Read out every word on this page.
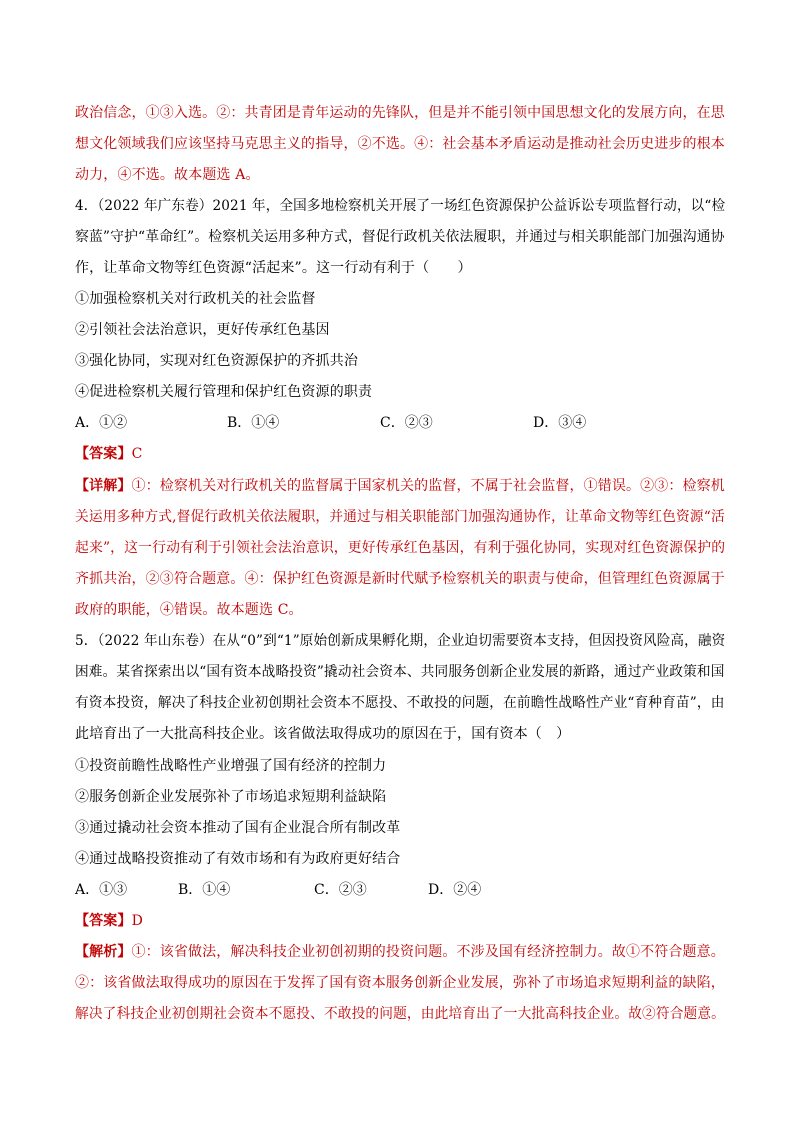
政治信念，①③入选。②：共青团是青年运动的先锋队，但是并不能引领中国思想文化的发展方向，在思
想文化领域我们应该坚持马克思主义的指导，②不选。④：社会基本矛盾运动是推动社会历史进步的根本
动力，④不选。故本题选 A。
4．（2022 年广东卷）2021 年，全国多地检察机关开展了一场红色资源保护公益诉讼专项监督行动，以“检
察蓝”守护“革命红”。检察机关运用多种方式，督促行政机关依法履职，并通过与相关职能部门加强沟通协
作，让革命文物等红色资源“活起来”。这一行动有利于（　　）
①加强检察机关对行政机关的社会监督
②引领社会法治意识，更好传承红色基因
③强化协同，实现对红色资源保护的齐抓共治
④促进检察机关履行管理和保护红色资源的职责
A．①②	B．①④	C．②③	D．③④
【答案】C
【详解】①：检察机关对行政机关的监督属于国家机关的监督，不属于社会监督，①错误。②③：检察机
关运用多种方式,督促行政机关依法履职，并通过与相关职能部门加强沟通协作，让革命文物等红色资源“活
起来”，这一行动有利于引领社会法治意识，更好传承红色基因，有利于强化协同，实现对红色资源保护的
齐抓共治，②③符合题意。④：保护红色资源是新时代赋予检察机关的职责与使命，但管理红色资源属于
政府的职能，④错误。故本题选 C。
5．（2022 年山东卷）在从“0”到“1”原始创新成果孵化期，企业迫切需要资本支持，但因投资风险高，融资
困难。某省探索出以“国有资本战略投资”撬动社会资本、共同服务创新企业发展的新路，通过产业政策和国
有资本投资，解决了科技企业初创期社会资本不愿投、不敢投的问题，在前瞻性战略性产业“育种育苗”，由
此培育出了一大批高科技企业。该省做法取得成功的原因在于，国有资本（　）
①投资前瞻性战略性产业增强了国有经济的控制力
②服务创新企业发展弥补了市场追求短期利益缺陷
③通过撬动社会资本推动了国有企业混合所有制改革
④通过战略投资推动了有效市场和有为政府更好结合
A．①③	B．①④	C．②③	D．②④
【答案】D
【解析】①：该省做法，解决科技企业初创初期的投资问题。不涉及国有经济控制力。故①不符合题意。
②：该省做法取得成功的原因在于发挥了国有资本服务创新企业发展，弥补了市场追求短期利益的缺陷，
解决了科技企业初创期社会资本不愿投、不敢投的问题，由此培育出了一大批高科技企业。故②符合题意。
